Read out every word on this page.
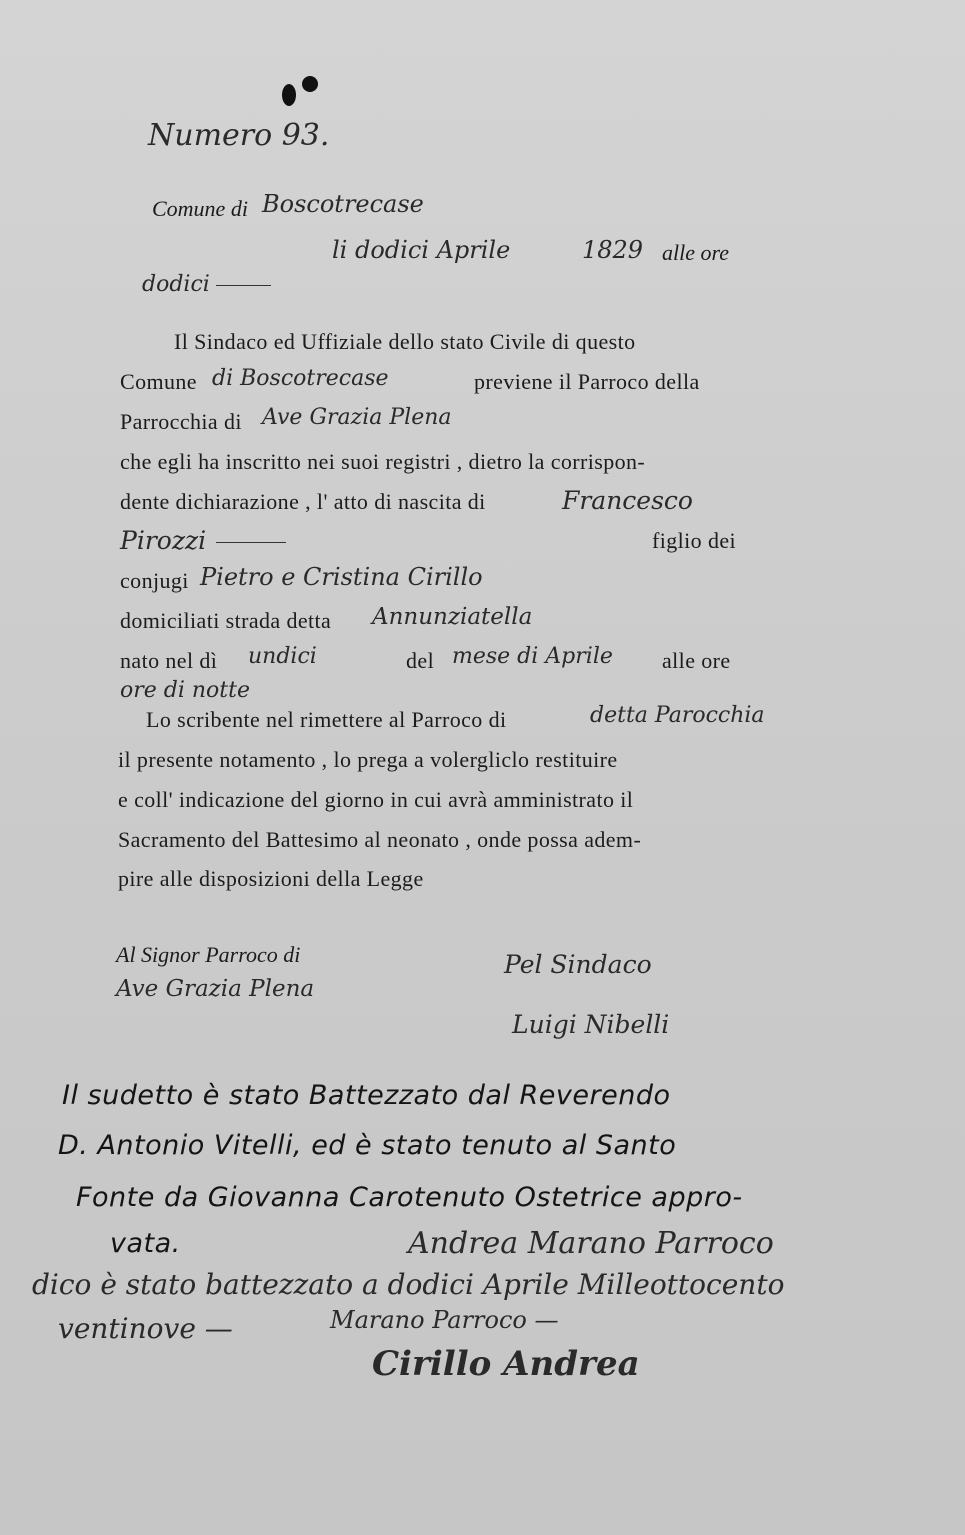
Numero 93.
Comune di Boscotrecase
li dodici Aprile	1829 alle ore
dodici
Il Sindaco ed Uffiziale dello stato Civile di questo
Comune di Boscotrecase	previene il Parroco della
Parrocchia di Ave Grazia Plena
che egli ha inscritto nei suoi registri , dietro la corrispon-
dente dichiarazione , l' atto di nascita di	Francesco
Pirozzi	figlio dei
conjugi Pietro e Cristina Cirillo
domiciliati strada detta Annunziatella
nato nel dì undici	del mese di Aprile alle ore
ore di notte
Lo scribente nel rimettere al Parroco di	detta Parocchia
il presente notamento , lo prega a volergliclo restituire
e coll' indicazione del giorno in cui avrà amministrato il
Sacramento del Battesimo al neonato , onde possa adem-
pire alle disposizioni della Legge
Al Signor Parroco di
Ave Grazia Plena
Pel Sindaco
Luigi Nibelli
Il sudetto è stato Battezzato dal Reverendo
D. Antonio Vitelli, ed è stato tenuto al Santo
Fonte da Giovanna Carotenuto Ostetrice appro-
vata.	Andrea Marano Parroco
dico è stato battezzato a dodici Aprile Milleottocento
ventinove —	Marano Parroco —
Cirillo Andrea
